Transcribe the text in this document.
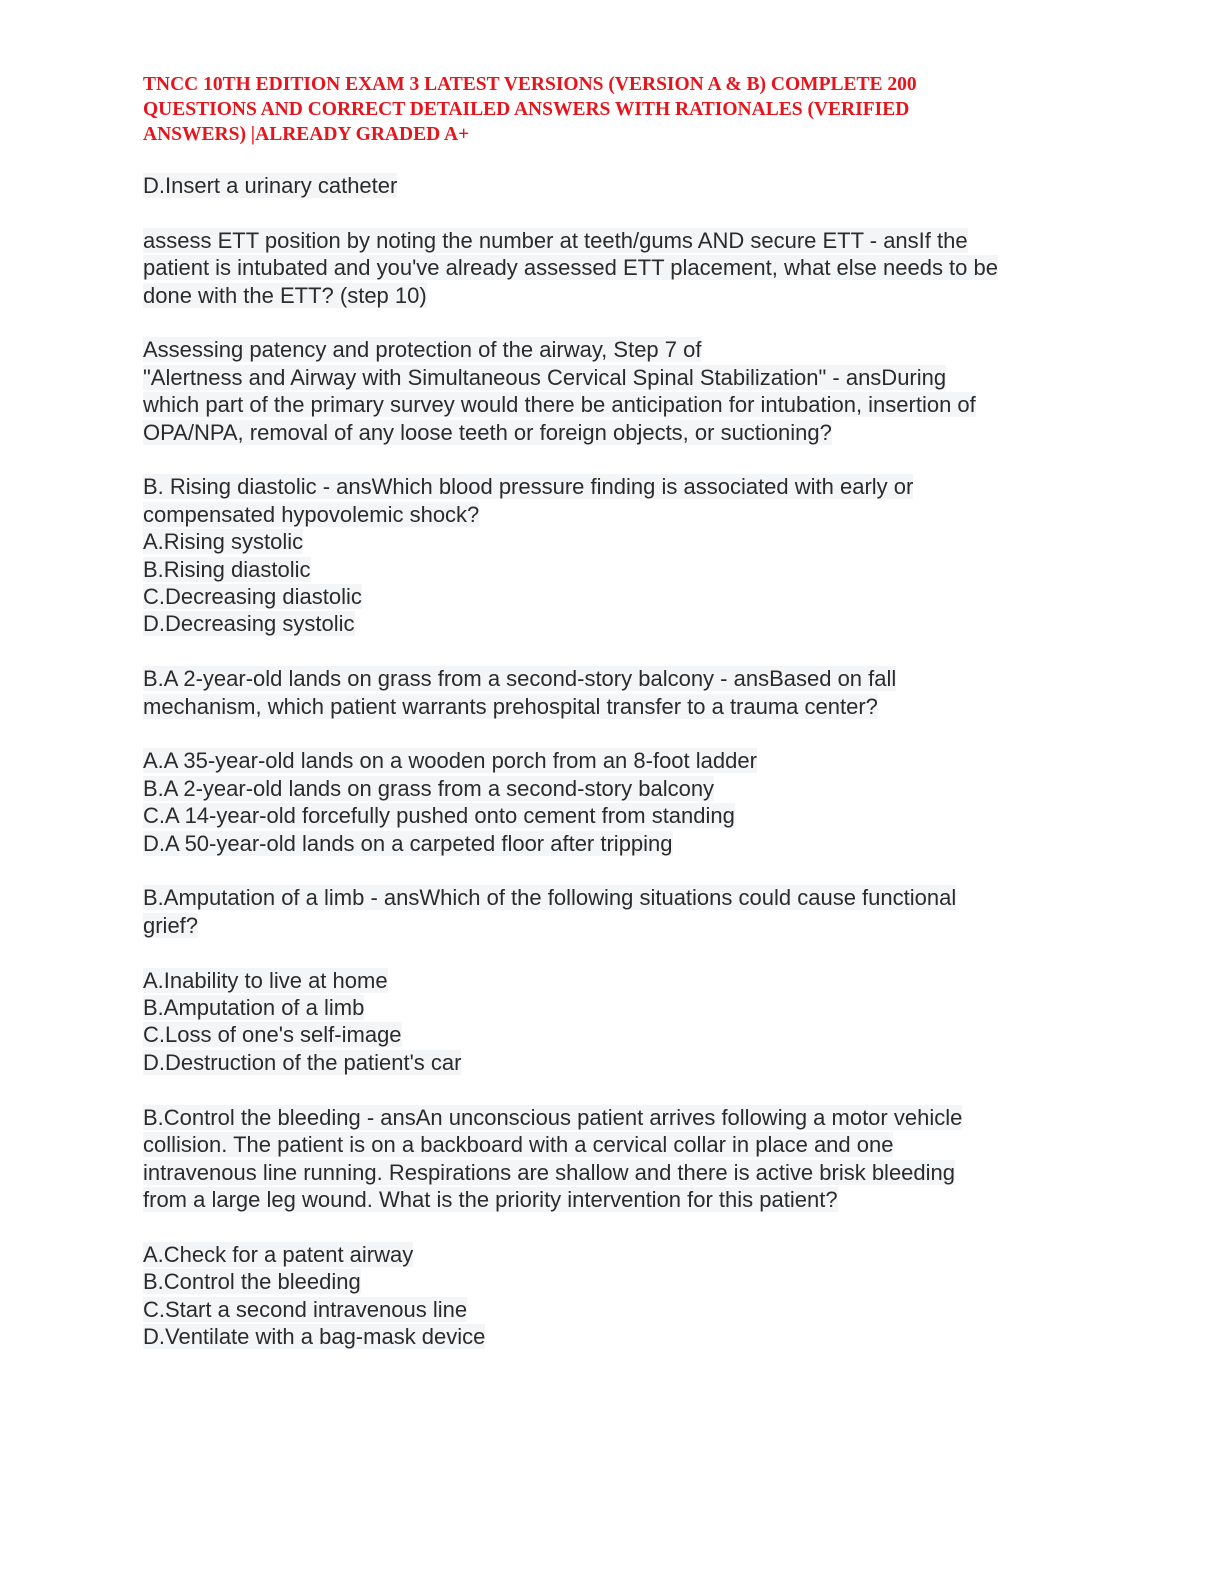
TNCC 10TH EDITION EXAM 3 LATEST VERSIONS (VERSION A & B) COMPLETE 200
QUESTIONS AND CORRECT DETAILED ANSWERS WITH RATIONALES (VERIFIED
ANSWERS) |ALREADY GRADED A+
D.Insert a urinary catheter
assess ETT position by noting the number at teeth/gums AND secure ETT - ansIf the
patient is intubated and you've already assessed ETT placement, what else needs to be
done with the ETT? (step 10)
Assessing patency and protection of the airway, Step 7 of
"Alertness and Airway with Simultaneous Cervical Spinal Stabilization" - ansDuring
which part of the primary survey would there be anticipation for intubation, insertion of
OPA/NPA, removal of any loose teeth or foreign objects, or suctioning?
B. Rising diastolic - ansWhich blood pressure finding is associated with early or
compensated hypovolemic shock?
A.Rising systolic
B.Rising diastolic
C.Decreasing diastolic
D.Decreasing systolic
B.A 2-year-old lands on grass from a second-story balcony - ansBased on fall
mechanism, which patient warrants prehospital transfer to a trauma center?
A.A 35-year-old lands on a wooden porch from an 8-foot ladder
B.A 2-year-old lands on grass from a second-story balcony
C.A 14-year-old forcefully pushed onto cement from standing
D.A 50-year-old lands on a carpeted floor after tripping
B.Amputation of a limb - ansWhich of the following situations could cause functional
grief?
A.Inability to live at home
B.Amputation of a limb
C.Loss of one's self-image
D.Destruction of the patient's car
B.Control the bleeding - ansAn unconscious patient arrives following a motor vehicle
collision. The patient is on a backboard with a cervical collar in place and one
intravenous line running. Respirations are shallow and there is active brisk bleeding
from a large leg wound. What is the priority intervention for this patient?
A.Check for a patent airway
B.Control the bleeding
C.Start a second intravenous line
D.Ventilate with a bag-mask device
